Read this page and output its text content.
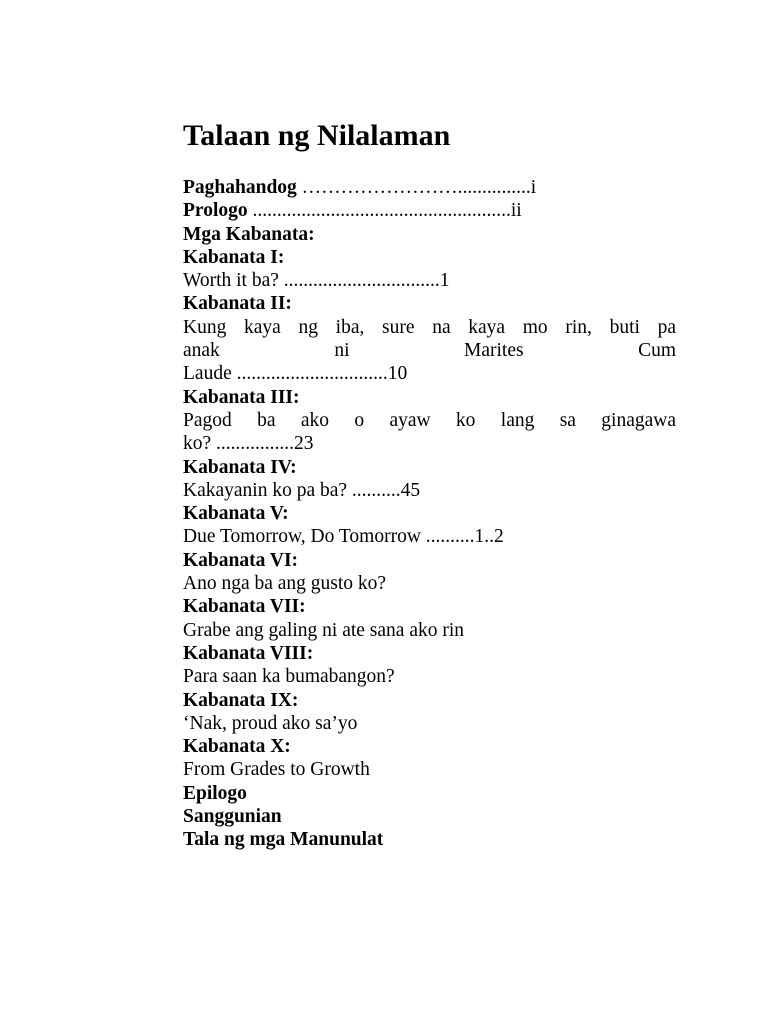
Talaan ng Nilalaman
Paghahandog ……………………...............i
Prologo .....................................................ii
Mga Kabanata:
Kabanata I:
Worth it ba? ................................1
Kabanata II:
Kung kaya ng iba, sure na kaya mo rin, buti pa
anak ni Marites Cum
Laude ...............................10
Kabanata III:
Pagod ba ako o ayaw ko lang sa ginagawa
ko? ................23
Kabanata IV:
Kakayanin ko pa ba? ..........45
Kabanata V:
Due Tomorrow, Do Tomorrow ..........1..2
Kabanata VI:
Ano nga ba ang gusto ko?
Kabanata VII:
Grabe ang galing ni ate sana ako rin
Kabanata VIII:
Para saan ka bumabangon?
Kabanata IX:
‘Nak, proud ako sa’yo
Kabanata X:
From Grades to Growth
Epilogo
Sanggunian
Tala ng mga Manunulat
